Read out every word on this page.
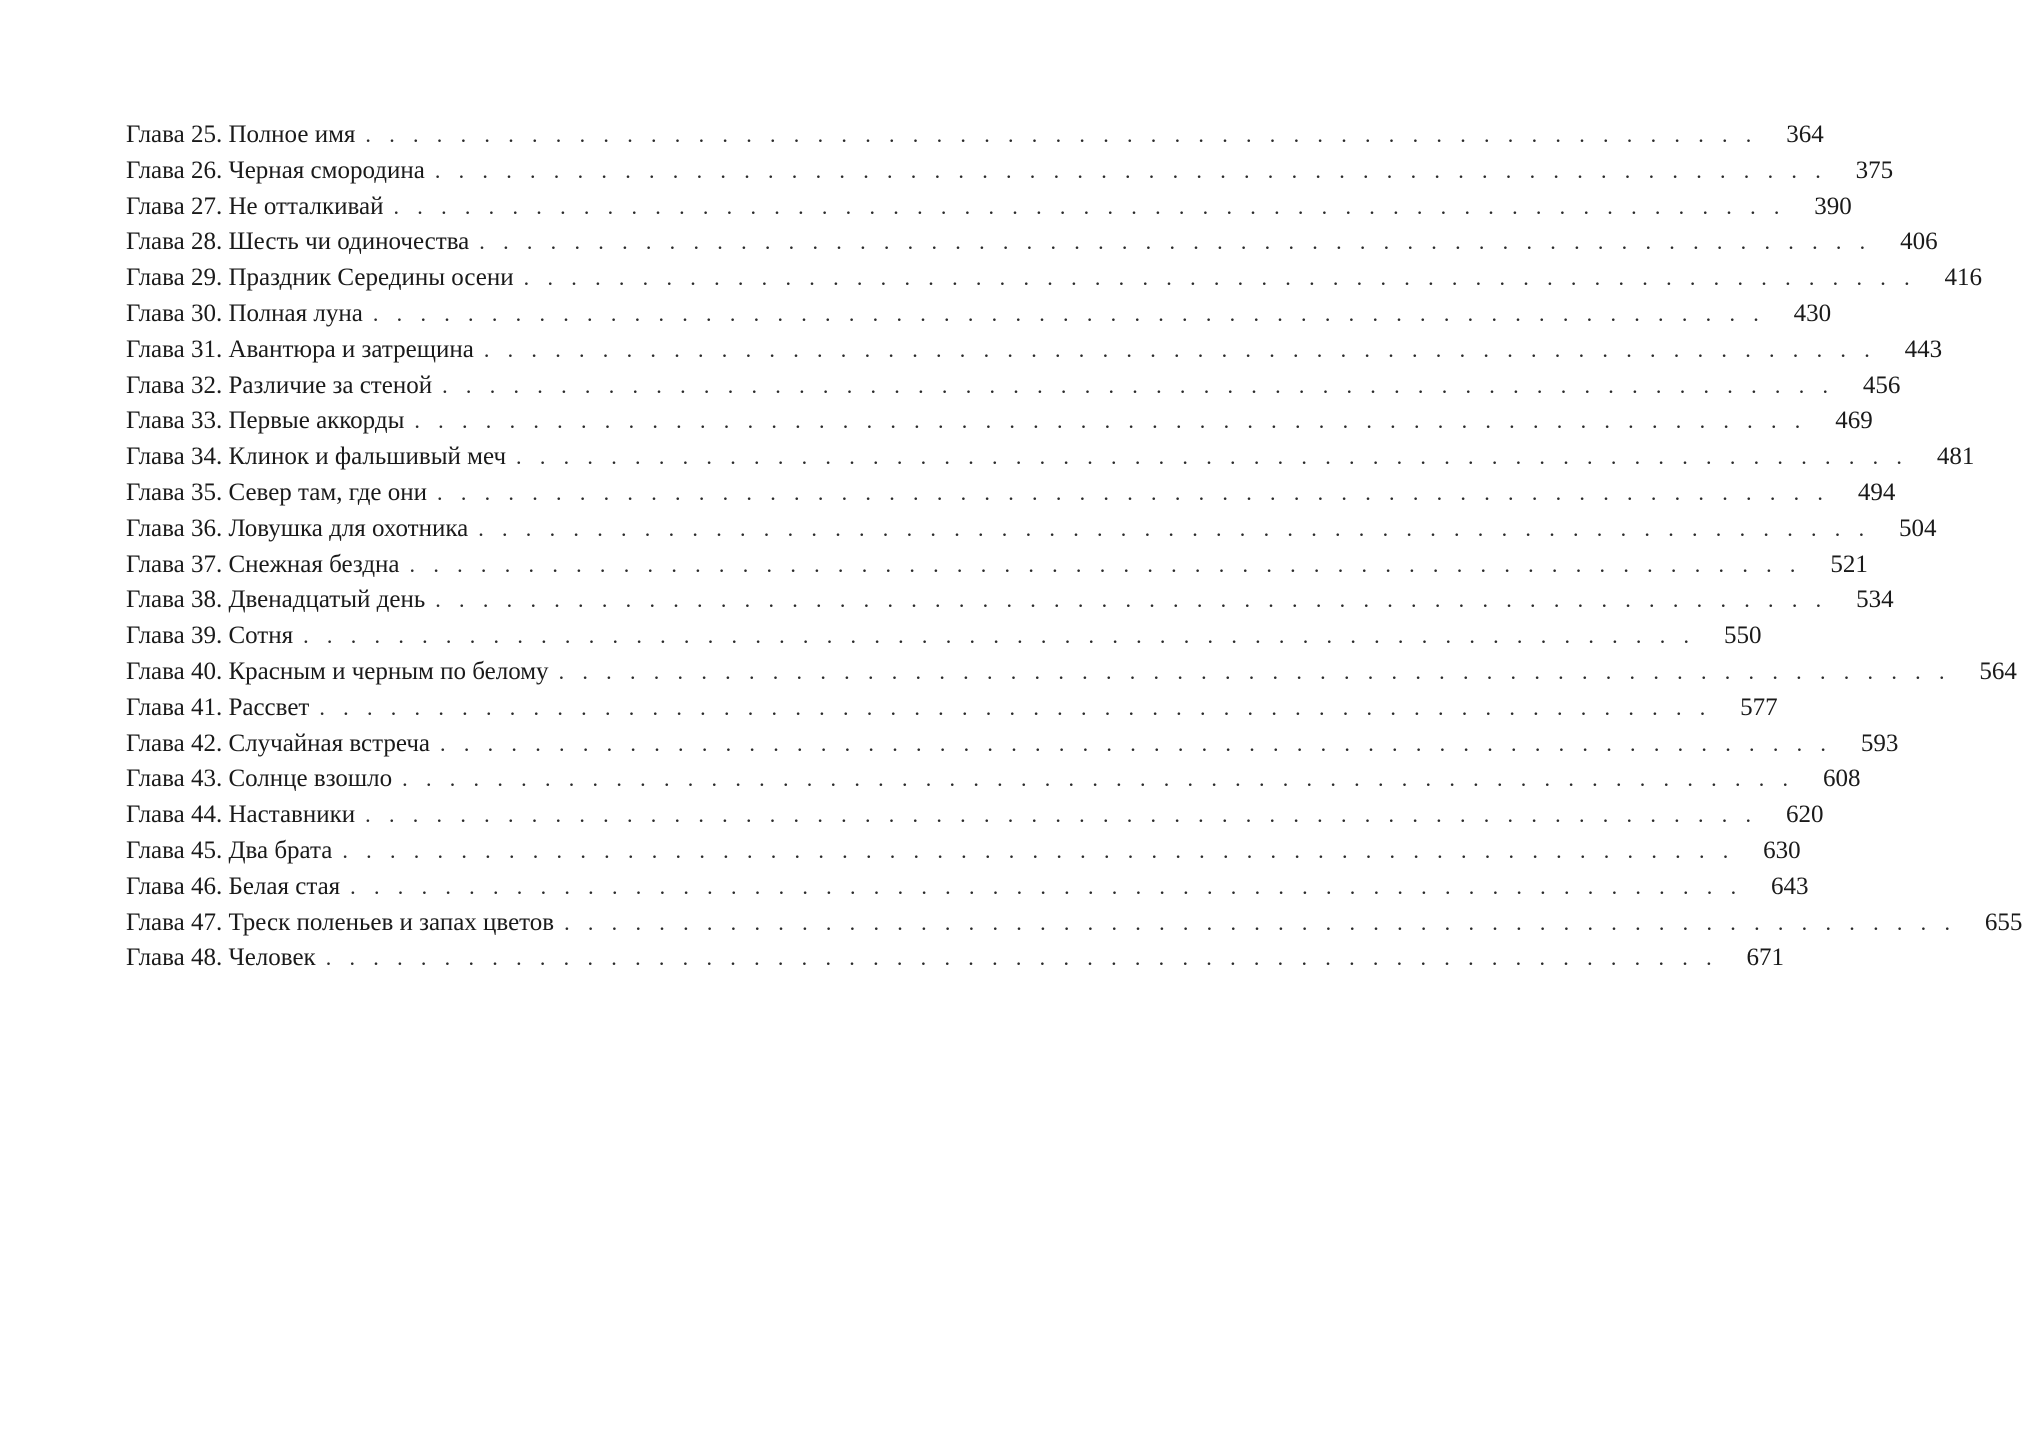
Глава 25. Полное имя . . . . . . . . . . . . . . . . . . . . . . . . . . . . . . . . . . . . . . . . . . . . . . . . . . . . . . . . . . .	364
Глава 26. Черная смородина . . . . . . . . . . . . . . . . . . . . . . . . . . . . . . . . . . . . . . . . . . . . . . . . . . . . . . . . . . .	375
Глава 27. Не отталкивай . . . . . . . . . . . . . . . . . . . . . . . . . . . . . . . . . . . . . . . . . . . . . . . . . . . . . . . . . . .	390
Глава 28. Шесть чи одиночества . . . . . . . . . . . . . . . . . . . . . . . . . . . . . . . . . . . . . . . . . . . . . . . . . . . . . . . . . . .	406
Глава 29. Праздник Середины осени . . . . . . . . . . . . . . . . . . . . . . . . . . . . . . . . . . . . . . . . . . . . . . . . . . . . . . . . . . .	416
Глава 30. Полная луна . . . . . . . . . . . . . . . . . . . . . . . . . . . . . . . . . . . . . . . . . . . . . . . . . . . . . . . . . . .	430
Глава 31. Авантюра и затрещина . . . . . . . . . . . . . . . . . . . . . . . . . . . . . . . . . . . . . . . . . . . . . . . . . . . . . . . . . . .	443
Глава 32. Различие за стеной . . . . . . . . . . . . . . . . . . . . . . . . . . . . . . . . . . . . . . . . . . . . . . . . . . . . . . . . . . .	456
Глава 33. Первые аккорды . . . . . . . . . . . . . . . . . . . . . . . . . . . . . . . . . . . . . . . . . . . . . . . . . . . . . . . . . . .	469
Глава 34. Клинок и фальшивый меч . . . . . . . . . . . . . . . . . . . . . . . . . . . . . . . . . . . . . . . . . . . . . . . . . . . . . . . . . . .	481
Глава 35. Север там, где они . . . . . . . . . . . . . . . . . . . . . . . . . . . . . . . . . . . . . . . . . . . . . . . . . . . . . . . . . . .	494
Глава 36. Ловушка для охотника . . . . . . . . . . . . . . . . . . . . . . . . . . . . . . . . . . . . . . . . . . . . . . . . . . . . . . . . . . .	504
Глава 37. Снежная бездна . . . . . . . . . . . . . . . . . . . . . . . . . . . . . . . . . . . . . . . . . . . . . . . . . . . . . . . . . . .	521
Глава 38. Двенадцатый день . . . . . . . . . . . . . . . . . . . . . . . . . . . . . . . . . . . . . . . . . . . . . . . . . . . . . . . . . . .	534
Глава 39. Сотня . . . . . . . . . . . . . . . . . . . . . . . . . . . . . . . . . . . . . . . . . . . . . . . . . . . . . . . . . . .	550
Глава 40. Красным и черным по белому . . . . . . . . . . . . . . . . . . . . . . . . . . . . . . . . . . . . . . . . . . . . . . . . . . . . . . . . . . .	564
Глава 41. Рассвет . . . . . . . . . . . . . . . . . . . . . . . . . . . . . . . . . . . . . . . . . . . . . . . . . . . . . . . . . . .	577
Глава 42. Случайная встреча . . . . . . . . . . . . . . . . . . . . . . . . . . . . . . . . . . . . . . . . . . . . . . . . . . . . . . . . . . .	593
Глава 43. Солнце взошло . . . . . . . . . . . . . . . . . . . . . . . . . . . . . . . . . . . . . . . . . . . . . . . . . . . . . . . . . . .	608
Глава 44. Наставники . . . . . . . . . . . . . . . . . . . . . . . . . . . . . . . . . . . . . . . . . . . . . . . . . . . . . . . . . . .	620
Глава 45. Два брата . . . . . . . . . . . . . . . . . . . . . . . . . . . . . . . . . . . . . . . . . . . . . . . . . . . . . . . . . . .	630
Глава 46. Белая стая . . . . . . . . . . . . . . . . . . . . . . . . . . . . . . . . . . . . . . . . . . . . . . . . . . . . . . . . . . .	643
Глава 47. Треск поленьев и запах цветов . . . . . . . . . . . . . . . . . . . . . . . . . . . . . . . . . . . . . . . . . . . . . . . . . . . . . . . . . . .	655
Глава 48. Человек . . . . . . . . . . . . . . . . . . . . . . . . . . . . . . . . . . . . . . . . . . . . . . . . . . . . . . . . . . .	671
